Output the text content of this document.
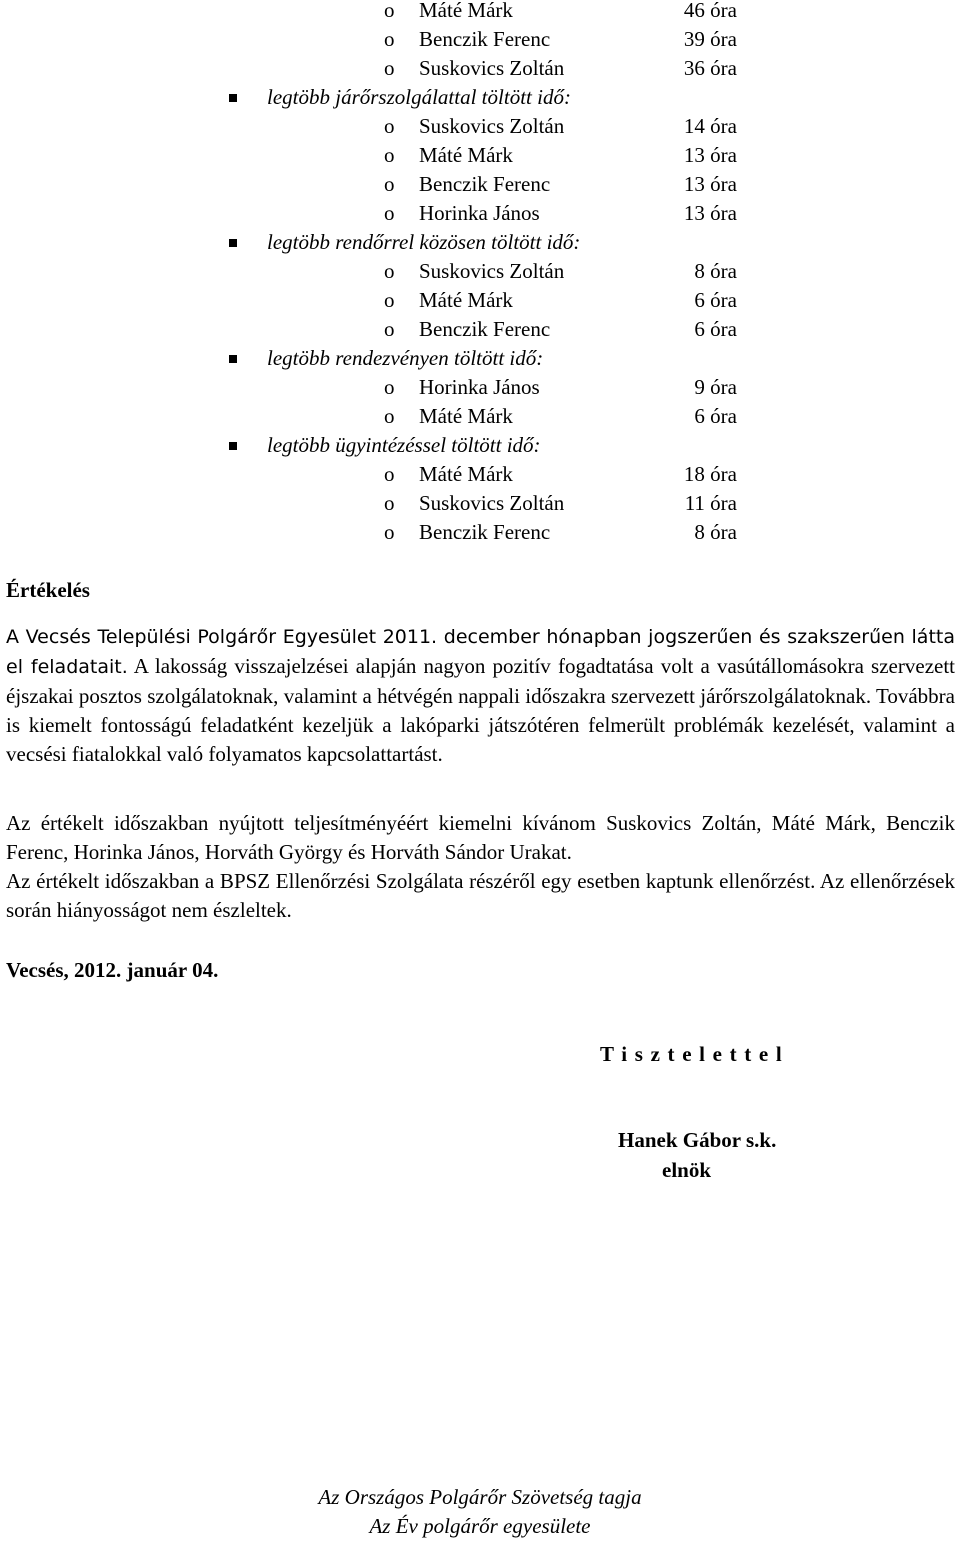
o Máté Márk	46 óra
o Benczik Ferenc	39 óra
o Suskovics Zoltán	36 óra
legtöbb járőrszolgálattal töltött idő:
o Suskovics Zoltán	14 óra
o Máté Márk	13 óra
o Benczik Ferenc	13 óra
o Horinka János	13 óra
legtöbb rendőrrel közösen töltött idő:
o Suskovics Zoltán	8 óra
o Máté Márk	6 óra
o Benczik Ferenc	6 óra
legtöbb rendezvényen töltött idő:
o Horinka János	9 óra
o Máté Márk	6 óra
legtöbb ügyintézéssel töltött idő:
o Máté Márk	18 óra
o Suskovics Zoltán	11 óra
o Benczik Ferenc	8 óra
Értékelés
A Vecsés Települési Polgárőr Egyesület 2011. december hónapban jogszerűen és szakszerűen látta el feladatait. A lakosság visszajelzései alapján nagyon pozitív fogadtatása volt a vasútállomásokra szervezett éjszakai posztos szolgálatoknak, valamint a hétvégén nappali időszakra szervezett járőrszolgálatoknak. Továbbra is kiemelt fontosságú feladatként kezeljük a lakóparki játszótéren felmerült problémák kezelését, valamint a vecsési fiatalokkal való folyamatos kapcsolattartást.
Az értékelt időszakban nyújtott teljesítményéért kiemelni kívánom Suskovics Zoltán, Máté Márk, Benczik Ferenc, Horinka János, Horváth György és Horváth Sándor Urakat.
Az értékelt időszakban a BPSZ Ellenőrzési Szolgálata részéről egy esetben kaptunk ellenőrzést. Az ellenőrzések során hiányosságot nem észleltek.
Vecsés, 2012. január 04.
T i s z t e l e t t e l
Hanek Gábor s.k.
elnök
Az Országos Polgárőr Szövetség tagja
Az Év polgárőr egyesülete
